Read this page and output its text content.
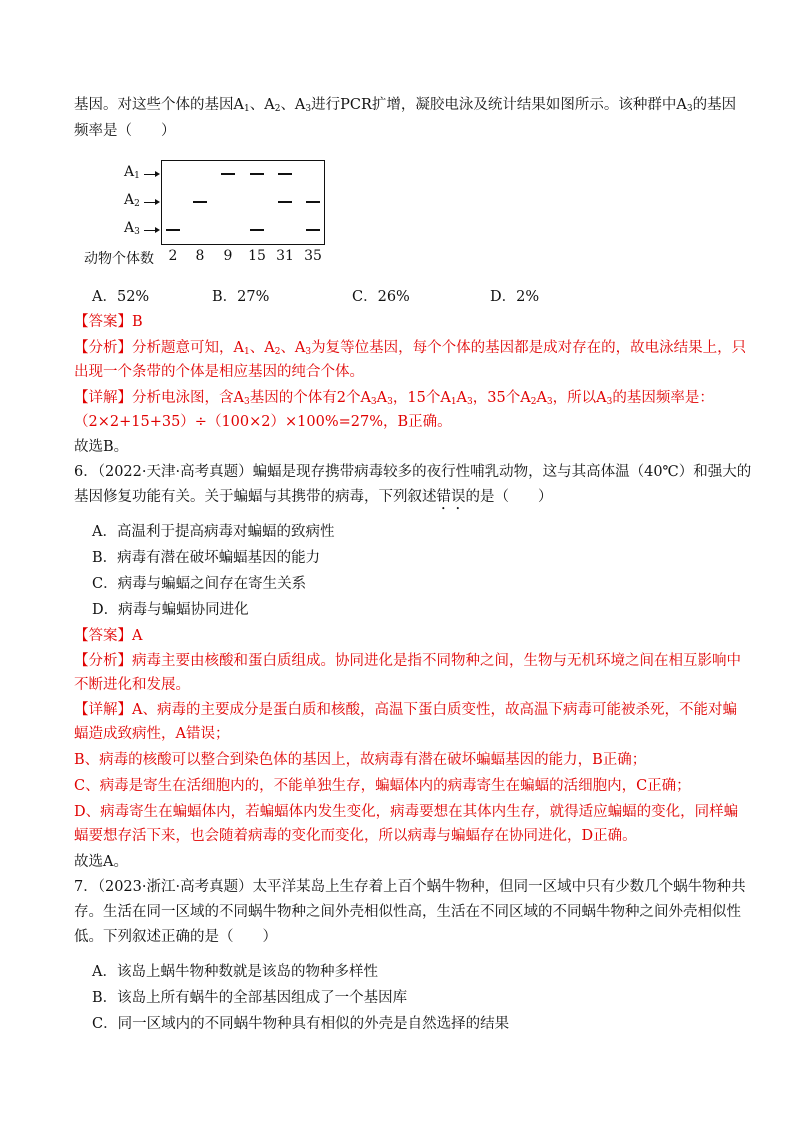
基因。对这些个体的基因$A_1$、$A_2$、$A_3$进行PCR扩增，凝胶电泳及统计结果如图所示。该种群中$A_3$的基因
频率是（　　）
$A_1$
$A_2$
$A_3$
动物个体数	2	8	9	15 31 35
A．52%	B．27%	C．26%	D．2%
【答案】B
【分析】分析题意可知，$A_1$、$A_2$、$A_3$为复等位基因，每个个体的基因都是成对存在的，故电泳结果上，只
出现一个条带的个体是相应基因的纯合个体。
【详解】分析电泳图，含$A_3$基因的个体有2个$A_3A_3$，15个$A_1A_3$，35个$A_2A_3$，所以$A_3$的基因频率是：
（2×2+15+35）÷（100×2）×100%=27%，B正确。
故选B。
6．（2022·天津·高考真题）蝙蝠是现存携带病毒较多的夜行性哺乳动物，这与其高体温（40℃）和强大的
基因修复功能有关。关于蝙蝠与其携带的病毒，下列叙述错误的是（　　）
A．高温利于提高病毒对蝙蝠的致病性
B．病毒有潜在破坏蝙蝠基因的能力
C．病毒与蝙蝠之间存在寄生关系
D．病毒与蝙蝠协同进化
【答案】A
【分析】病毒主要由核酸和蛋白质组成。协同进化是指不同物种之间，生物与无机环境之间在相互影响中
不断进化和发展。
【详解】A、病毒的主要成分是蛋白质和核酸，高温下蛋白质变性，故高温下病毒可能被杀死，不能对蝙
蝠造成致病性，A错误；
B、病毒的核酸可以整合到染色体的基因上，故病毒有潜在破坏蝙蝠基因的能力，B正确；
C、病毒是寄生在活细胞内的，不能单独生存，蝙蝠体内的病毒寄生在蝙蝠的活细胞内，C正确；
D、病毒寄生在蝙蝠体内，若蝙蝠体内发生变化，病毒要想在其体内生存，就得适应蝙蝠的变化，同样蝙
蝠要想存活下来，也会随着病毒的变化而变化，所以病毒与蝙蝠存在协同进化，D正确。
故选A。
7．（2023·浙江·高考真题）太平洋某岛上生存着上百个蜗牛物种，但同一区域中只有少数几个蜗牛物种共
存。生活在同一区域的不同蜗牛物种之间外壳相似性高，生活在不同区域的不同蜗牛物种之间外壳相似性
低。下列叙述正确的是（　　）
A．该岛上蜗牛物种数就是该岛的物种多样性
B．该岛上所有蜗牛的全部基因组成了一个基因库
C．同一区域内的不同蜗牛物种具有相似的外壳是自然选择的结果
